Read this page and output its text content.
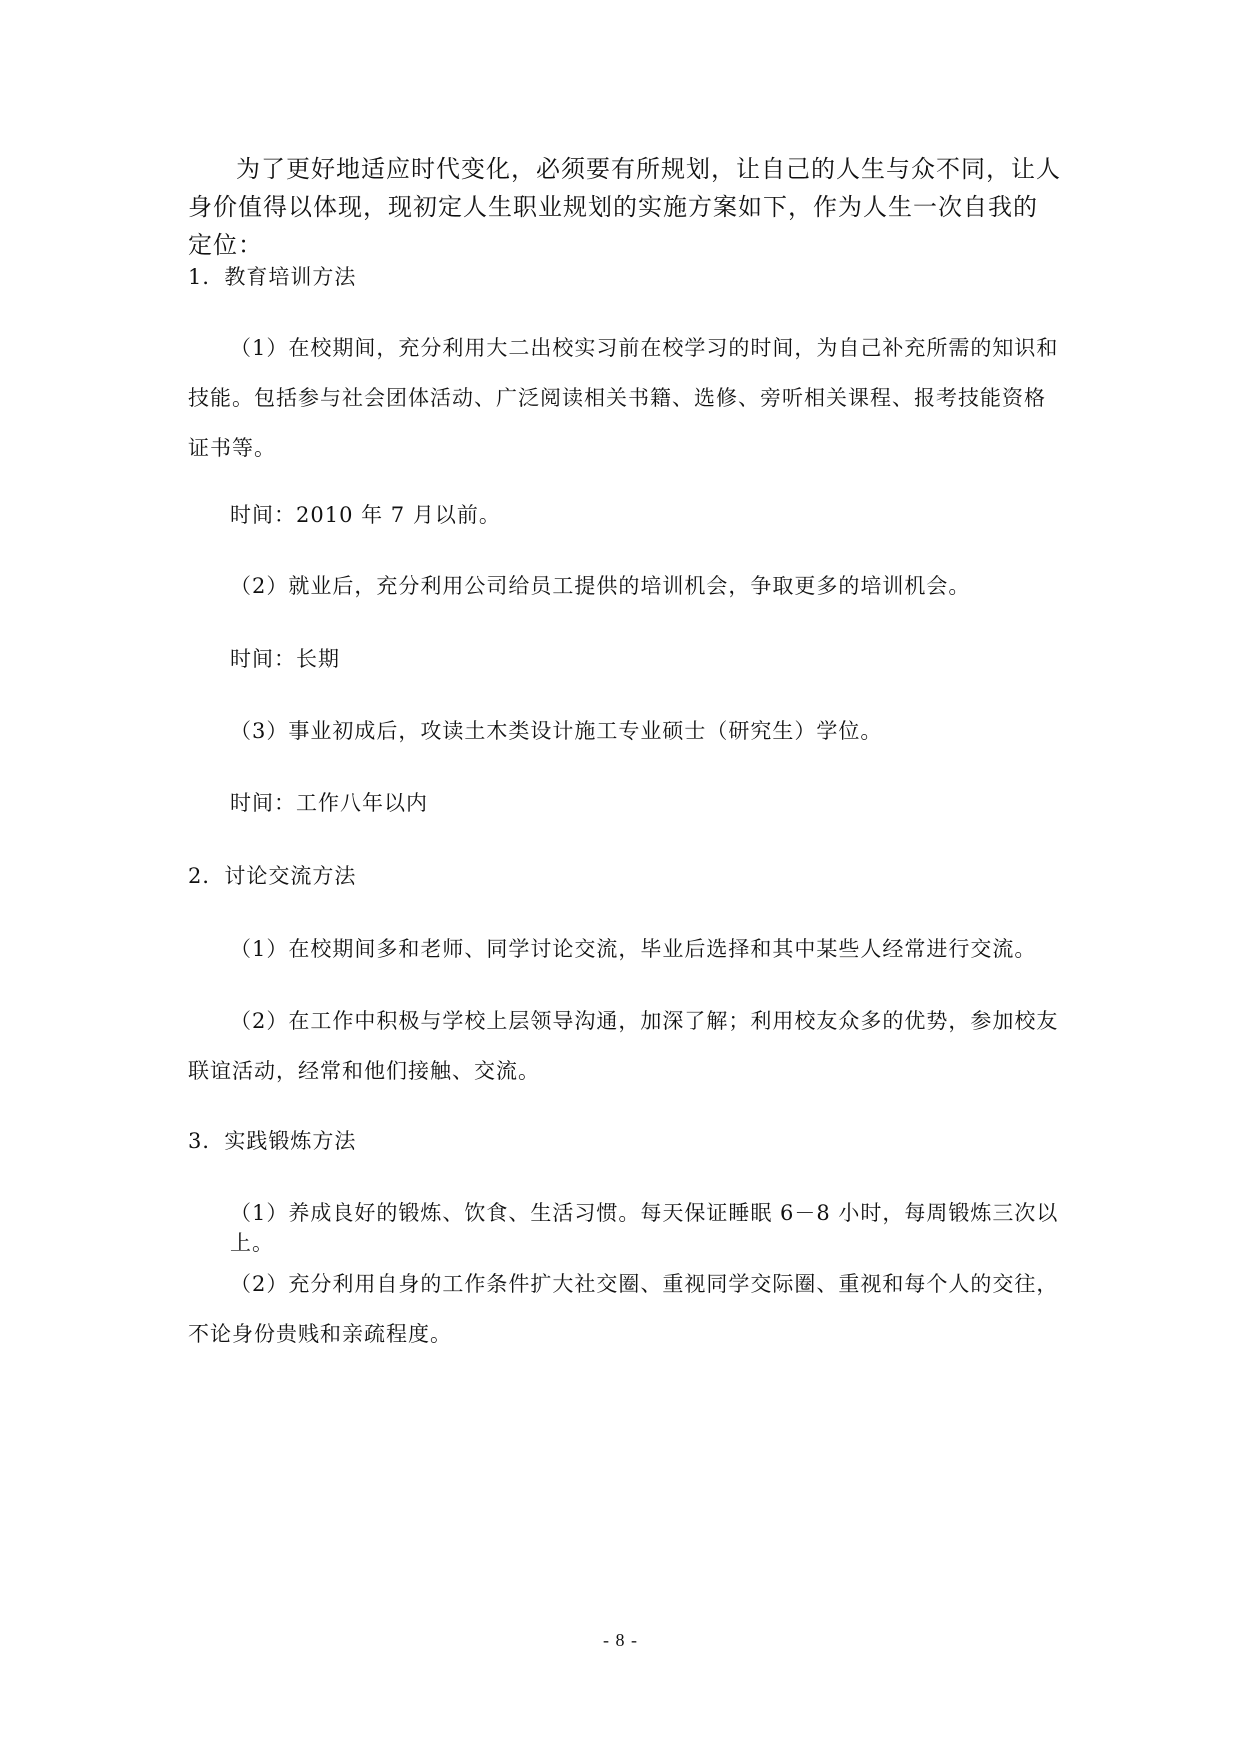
为了更好地适应时代变化，必须要有所规划，让自己的人生与众不同，让人身价值得以体现，现初定人生职业规划的实施方案如下，作为人生一次自我的定位：

1．教育培训方法

（1）在校期间，充分利用大二出校实习前在校学习的时间，为自己补充所需的知识和技能。包括参与社会团体活动、广泛阅读相关书籍、选修、旁听相关课程、报考技能资格证书等。

时间：2010 年 7 月以前。

（2）就业后，充分利用公司给员工提供的培训机会，争取更多的培训机会。

时间：长期

（3）事业初成后，攻读土木类设计施工专业硕士（研究生）学位。

时间：工作八年以内

2．讨论交流方法

（1）在校期间多和老师、同学讨论交流，毕业后选择和其中某些人经常进行交流。

（2）在工作中积极与学校上层领导沟通，加深了解；利用校友众多的优势，参加校友联谊活动，经常和他们接触、交流。

3．实践锻炼方法

（1）养成良好的锻炼、饮食、生活习惯。每天保证睡眠 6－8 小时，每周锻炼三次以上。

（2）充分利用自身的工作条件扩大社交圈、重视同学交际圈、重视和每个人的交往，不论身份贵贱和亲疏程度。

- 8 -
